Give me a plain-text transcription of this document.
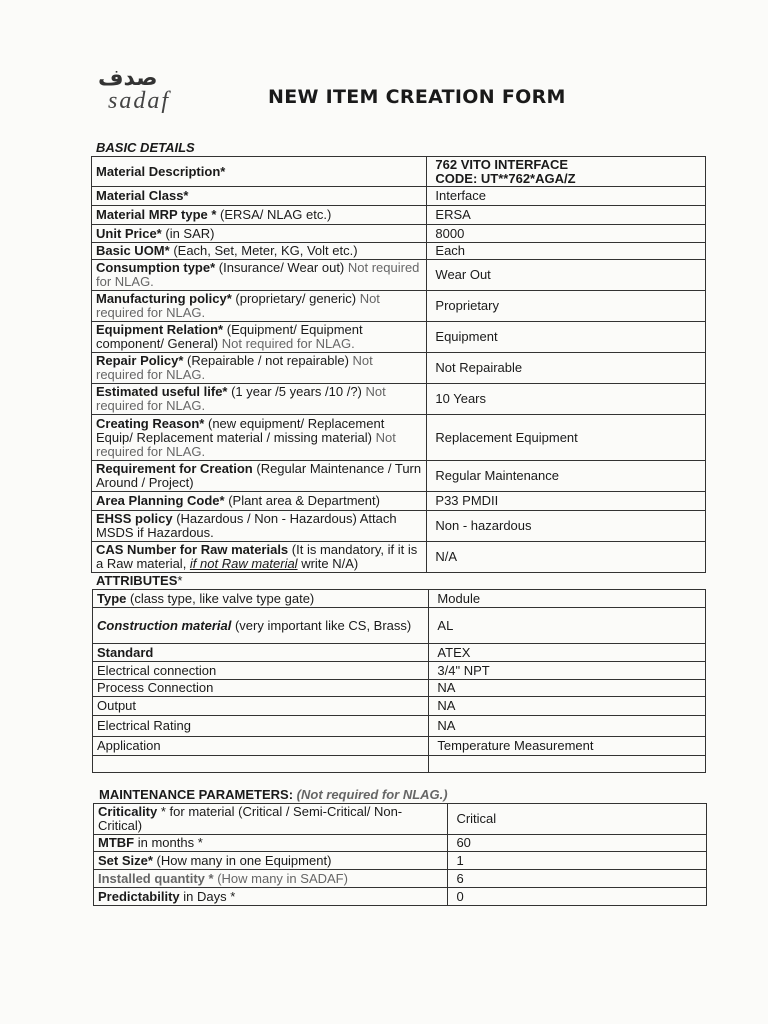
صدف
sadaf	NEW ITEM CREATION FORM
BASIC DETAILS
Material Description*	762 VITO INTERFACE
CODE: UT**762*AGA/Z
Material Class*	Interface
Material MRP type * (ERSA/ NLAG etc.)	ERSA
Unit Price* (in SAR)	8000
Basic UOM* (Each, Set, Meter, KG, Volt etc.)	Each
Consumption type* (Insurance/ Wear out) Not required for NLAG.	Wear Out
Manufacturing policy* (proprietary/ generic) Not required for NLAG.	Proprietary
Equipment Relation* (Equipment/ Equipment component/ General) Not required for NLAG.	Equipment
Repair Policy* (Repairable / not repairable) Not required for NLAG.	Not Repairable
Estimated useful life* (1 year /5 years /10 /?) Not required for NLAG.	10 Years
Creating Reason* (new equipment/ Replacement Equip/ Replacement material / missing material) Not required for NLAG.	Replacement Equipment
Requirement for Creation (Regular Maintenance / Turn Around / Project)	Regular Maintenance
Area Planning Code* (Plant area & Department)	P33 PMDII
EHSS policy (Hazardous / Non - Hazardous) Attach MSDS if Hazardous.	Non - hazardous
CAS Number for Raw materials (It is mandatory, if it is a Raw material, if not Raw material write N/A)	N/A
ATTRIBUTES*
Type (class type, like valve type gate)	Module
Construction material (very important like CS, Brass)	AL
Standard	ATEX
Electrical connection	3/4" NPT
Process Connection	NA
Output	NA
Electrical Rating	NA
Application	Temperature Measurement

MAINTENANCE PARAMETERS: (Not required for NLAG.)
Criticality * for material (Critical / Semi-Critical/ Non-Critical)	Critical
MTBF in months *	60
Set Size* (How many in one Equipment)	1
Installed quantity * (How many in SADAF)	6
Predictability in Days *	0
